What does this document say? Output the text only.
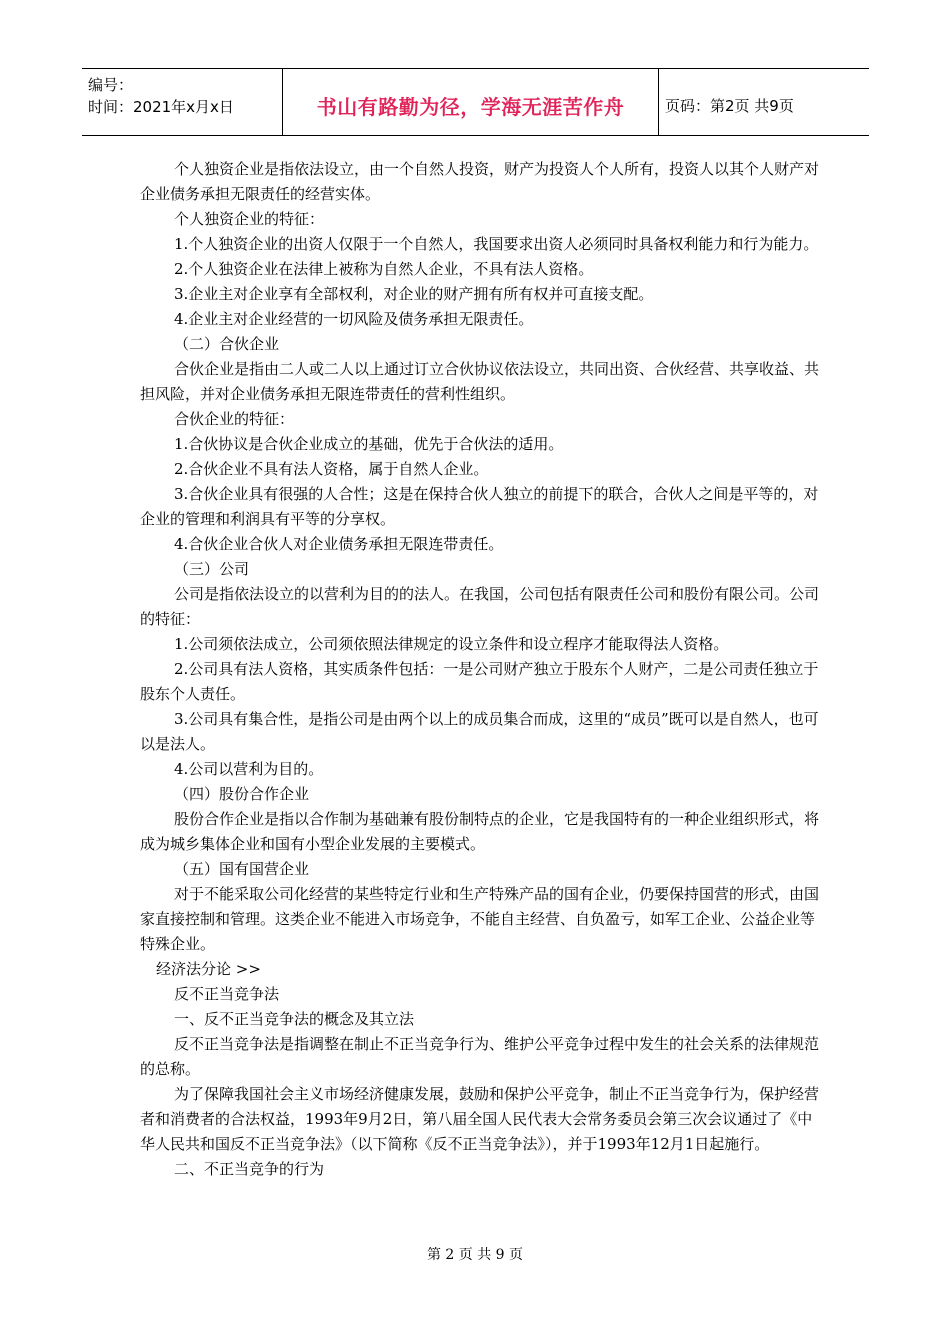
编号：
时间：2021年x月x日	书山有路勤为径，学海无涯苦作舟	页码：第2页 共9页

个人独资企业是指依法设立，由一个自然人投资，财产为投资人个人所有，投资人以其个人财产对企业债务承担无限责任的经营实体。

个人独资企业的特征：

1.个人独资企业的出资人仅限于一个自然人，我国要求出资人必须同时具备权利能力和行为能力。

2.个人独资企业在法律上被称为自然人企业，不具有法人资格。

3.企业主对企业享有全部权利，对企业的财产拥有所有权并可直接支配。

4.企业主对企业经营的一切风险及债务承担无限责任。

（二）合伙企业

合伙企业是指由二人或二人以上通过订立合伙协议依法设立，共同出资、合伙经营、共享收益、共担风险，并对企业债务承担无限连带责任的营利性组织。

合伙企业的特征：

1.合伙协议是合伙企业成立的基础，优先于合伙法的适用。

2.合伙企业不具有法人资格，属于自然人企业。

3.合伙企业具有很强的人合性；这是在保持合伙人独立的前提下的联合，合伙人之间是平等的，对企业的管理和利润具有平等的分享权。

4.合伙企业合伙人对企业债务承担无限连带责任。

（三）公司

公司是指依法设立的以营利为目的的法人。在我国，公司包括有限责任公司和股份有限公司。公司的特征：

1.公司须依法成立，公司须依照法律规定的设立条件和设立程序才能取得法人资格。

2.公司具有法人资格，其实质条件包括：一是公司财产独立于股东个人财产，二是公司责任独立于股东个人责任。

3.公司具有集合性，是指公司是由两个以上的成员集合而成，这里的“成员”既可以是自然人，也可以是法人。

4.公司以营利为目的。

（四）股份合作企业

股份合作企业是指以合作制为基础兼有股份制特点的企业，它是我国特有的一种企业组织形式，将成为城乡集体企业和国有小型企业发展的主要模式。

（五）国有国营企业

对于不能采取公司化经营的某些特定行业和生产特殊产品的国有企业，仍要保持国营的形式，由国家直接控制和管理。这类企业不能进入市场竞争，不能自主经营、自负盈亏，如军工企业、公益企业等特殊企业。

经济法分论 >>

反不正当竞争法

一、反不正当竞争法的概念及其立法

反不正当竞争法是指调整在制止不正当竞争行为、维护公平竞争过程中发生的社会关系的法律规范的总称。

为了保障我国社会主义市场经济健康发展，鼓励和保护公平竞争，制止不正当竞争行为，保护经营者和消费者的合法权益，1993年9月2日，第八届全国人民代表大会常务委员会第三次会议通过了《中华人民共和国反不正当竞争法》（以下简称《反不正当竞争法》），并于1993年12月1日起施行。

二、不正当竞争的行为

第 2 页 共 9 页
